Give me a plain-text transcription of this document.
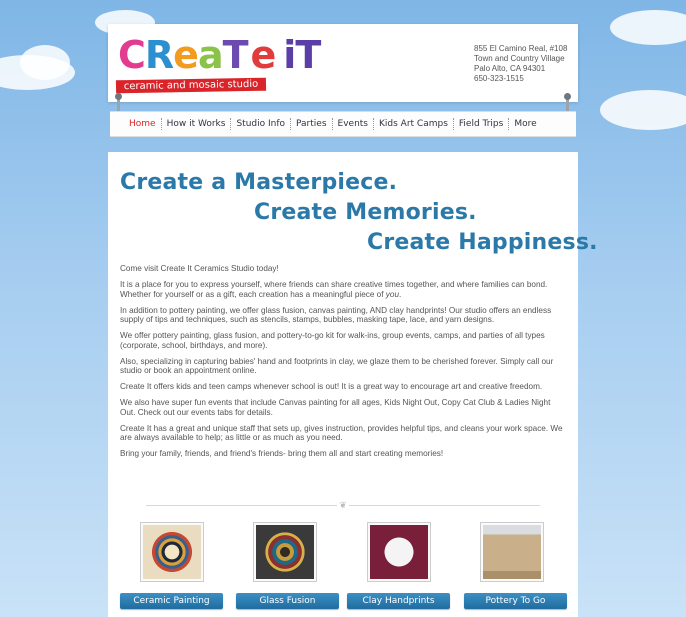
CReaTe iT
ceramic and mosaic studio
855 El Camino Real, #108
Town and Country Village
Palo Alto, CA 94301
650-323-1515
Home	How it Works	Studio Info	Parties	Events	Kids Art Camps	Field Trips	More
Create a Masterpiece.
Create Memories.
Create Happiness.

Come visit Create It Ceramics Studio today!

It is a place for you to express yourself, where friends can share creative times together, and where families can bond. Whether for yourself or as a gift, each creation has a meaningful piece of you.

In addition to pottery painting, we offer glass fusion, canvas painting, AND clay handprints! Our studio offers an endless supply of tips and techniques, such as stencils, stamps, bubbles, masking tape, lace, and yarn designs.

We offer pottery painting, glass fusion, and pottery-to-go kit for walk-ins, group events, camps, and parties of all types (corporate, school, birthdays, and more).

Also, specializing in capturing babies' hand and footprints in clay, we glaze them to be cherished forever. Simply call our studio or book an appointment online.

Create It offers kids and teen camps whenever school is out! It is a great way to encourage art and creative freedom.

We also have super fun events that include Canvas painting for all ages, Kids Night Out, Copy Cat Club & Ladies Night Out. Check out our events tabs for details.

Create It has a great and unique staff that sets up, gives instruction, provides helpful tips, and cleans your work space. We are always available to help; as little or as much as you need.

Bring your family, friends, and friend's friends- bring them all and start creating memories!

❦
Ceramic Painting	Glass Fusion	Clay Handprints	Pottery To Go
